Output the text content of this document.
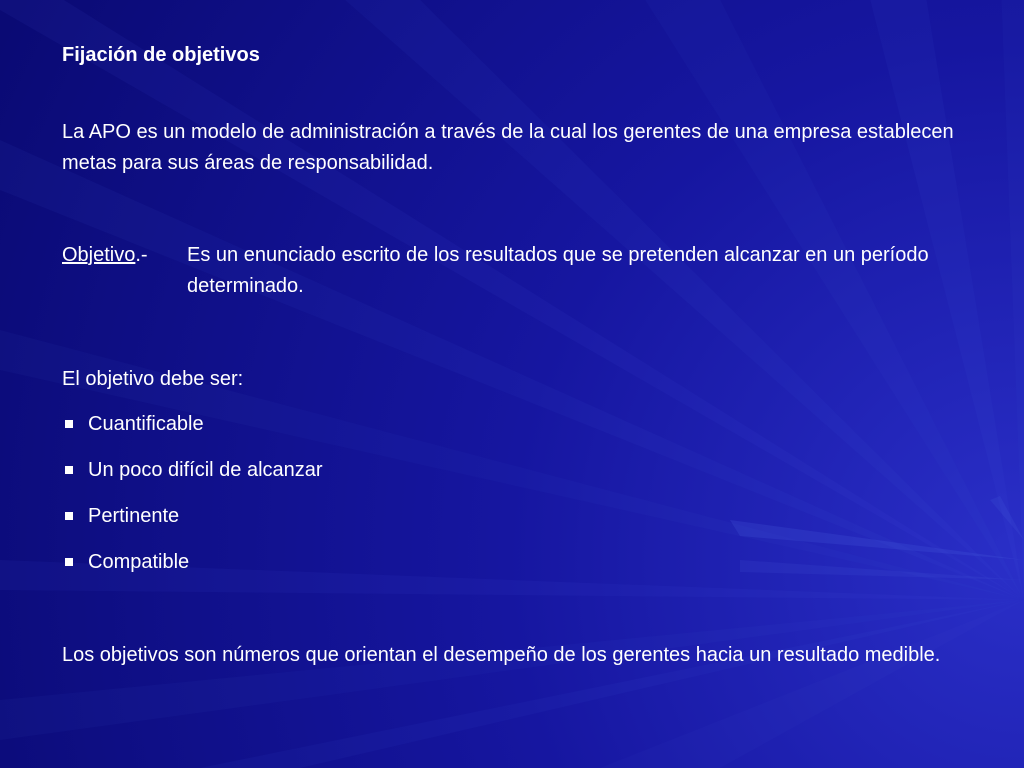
Fijación de objetivos

La APO es un modelo de administración a través de la cual los gerentes de una empresa establecen metas para sus áreas de responsabilidad.

Objetivo.- Es un enunciado escrito de los resultados que se pretenden alcanzar en un período determinado.

El objetivo debe ser:

Cuantificable
Un poco difícil de alcanzar
Pertinente
Compatible

Los objetivos son números que orientan el desempeño de los gerentes hacia un resultado medible.
